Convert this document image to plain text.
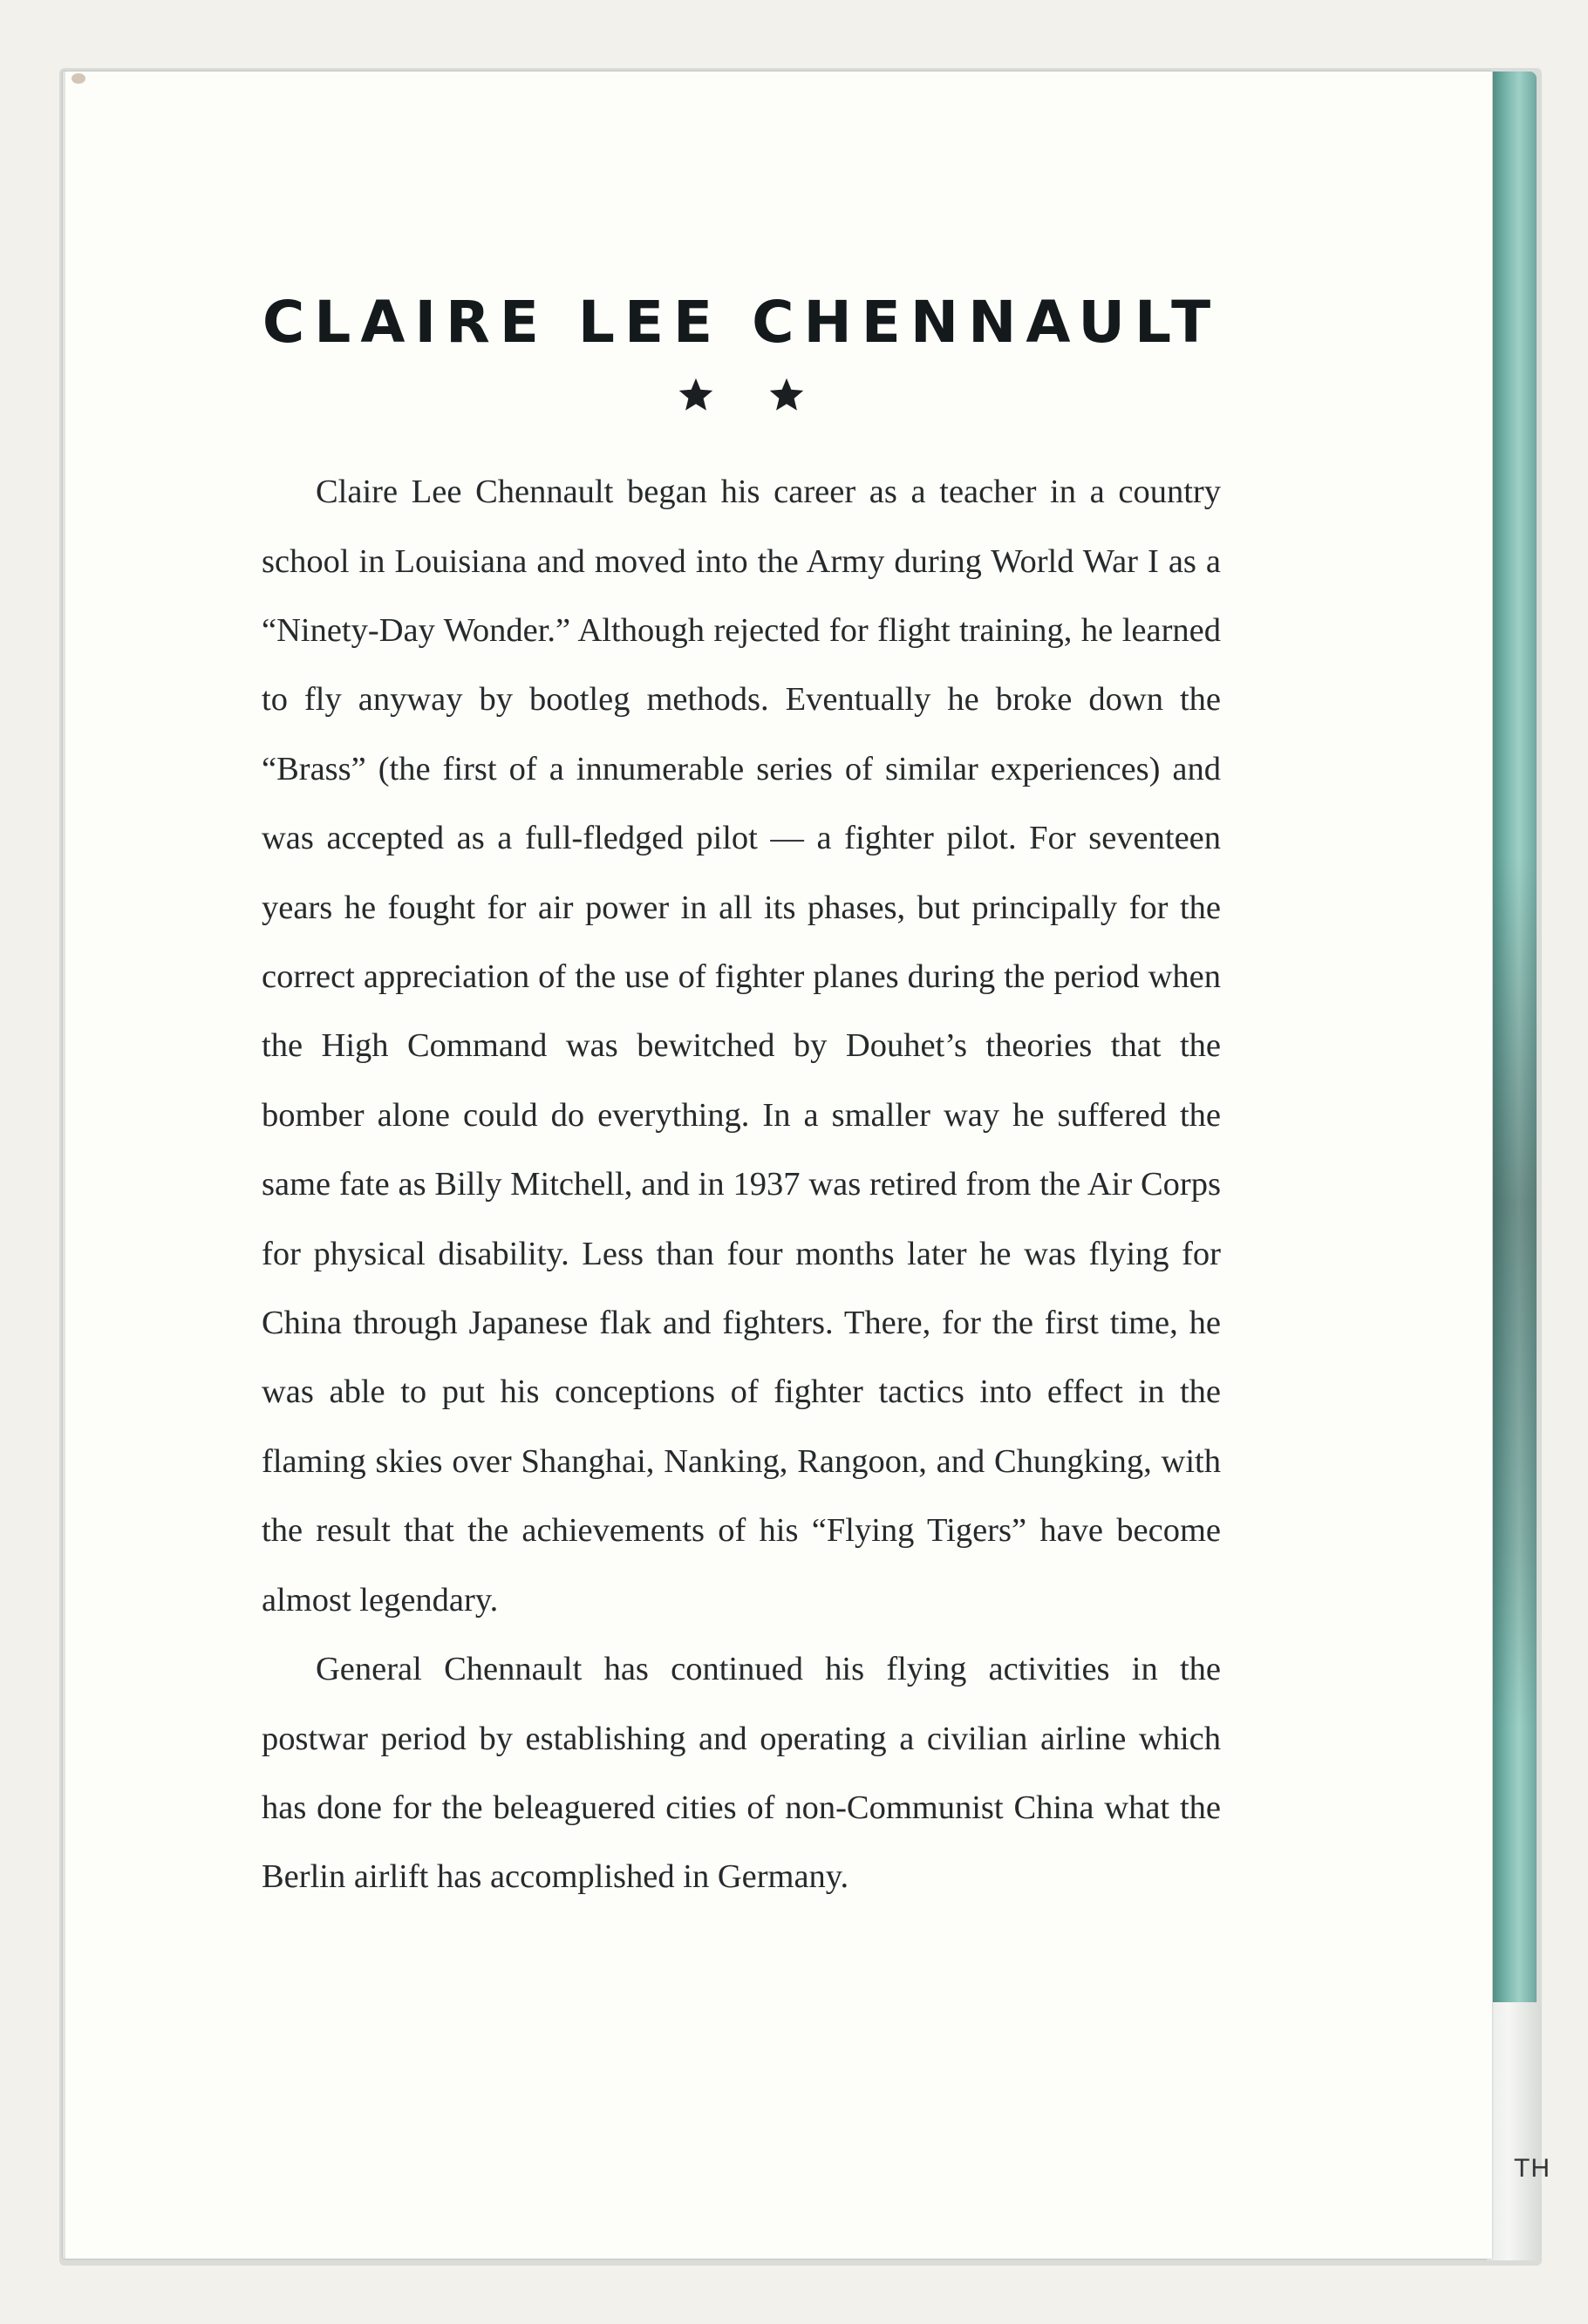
TH
CLAIRE LEE CHENNAULT

Claire Lee Chennault began his career as a teacher in a country school in Louisiana and moved into the Army during World War I as a “Ninety-Day Wonder.” Although rejected for flight training, he learned to fly anyway by bootleg methods. Eventually he broke down the “Brass” (the first of a innumerable series of similar experiences) and was accepted as a full-fledged pilot — a fighter pilot. For seventeen years he fought for air power in all its phases, but principally for the correct appreciation of the use of fighter planes during the period when the High Command was bewitched by Douhet’s theories that the bomber alone could do everything. In a smaller way he suffered the same fate as Billy Mitchell, and in 1937 was retired from the Air Corps for physical disability. Less than four months later he was flying for China through Japanese flak and fighters. There, for the first time, he was able to put his conceptions of fighter tactics into effect in the flaming skies over Shanghai, Nanking, Rangoon, and Chungking, with the result that the achievements of his “Flying Tigers” have become almost legendary.

General Chennault has continued his flying activities in the postwar period by establishing and operating a civilian airline which has done for the beleaguered cities of non-Communist China what the Berlin airlift has accomplished in Germany.
